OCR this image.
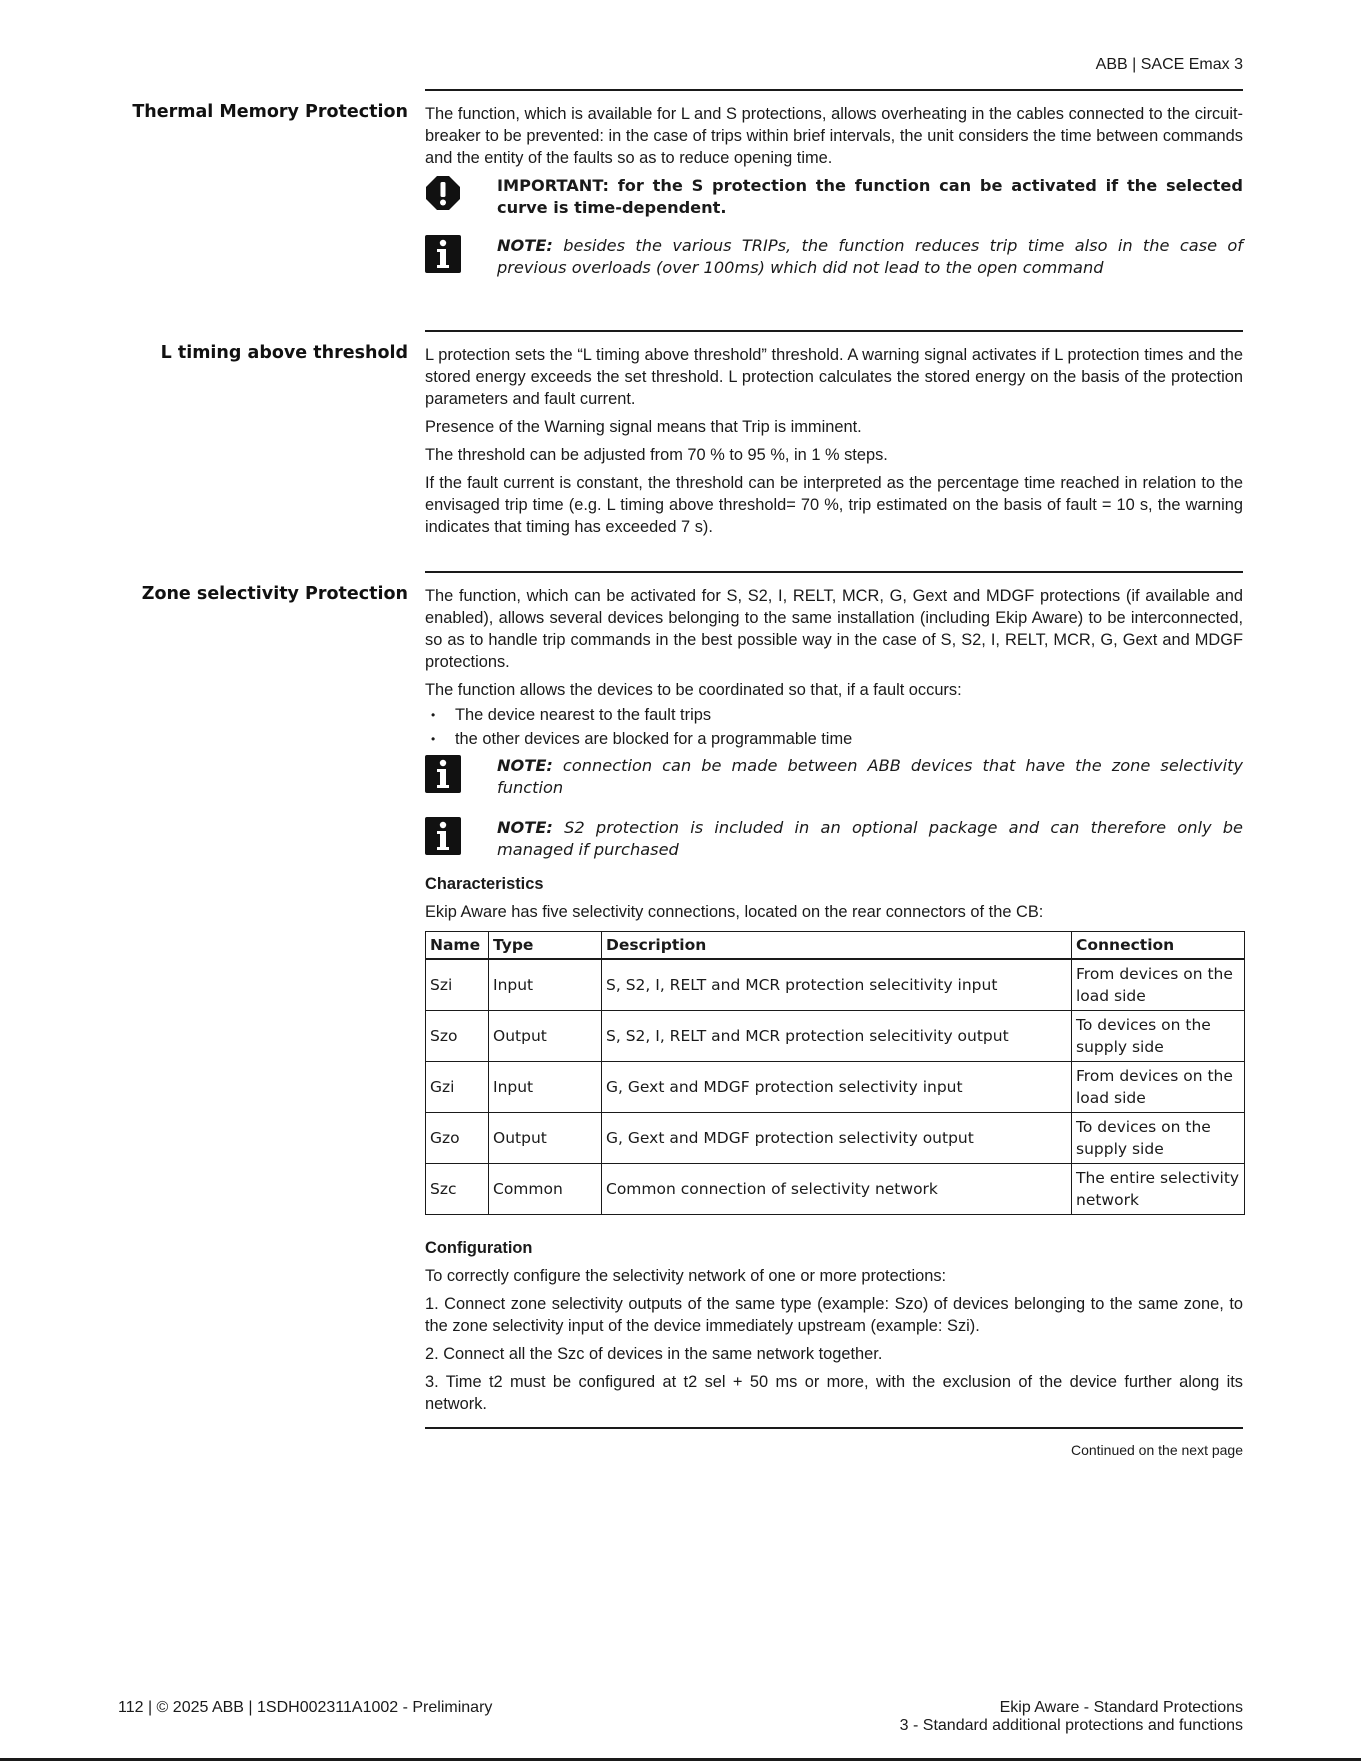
ABB | SACE Emax 3
Thermal Memory Protection The function, which is available for L and S protections, allows overheating in the cables connected to the circuit-breaker to be prevented: in the case of trips within brief intervals, the unit considers the time between commands and the entity of the faults so as to reduce opening time.

IMPORTANT: for the S protection the function can be activated if the selected curve is time-dependent.
NOTE: besides the various TRIPs, the function reduces trip time also in the case of previous overloads (over 100ms) which did not lead to the open command
L timing above threshold L protection sets the “L timing above threshold” threshold. A warning signal activates if L protection times and the stored energy exceeds the set threshold. L protection calculates the stored energy on the basis of the protection parameters and fault current.

Presence of the Warning signal means that Trip is imminent.

The threshold can be adjusted from 70 % to 95 %, in 1 % steps.

If the fault current is constant, the threshold can be interpreted as the percentage time reached in relation to the envisaged trip time (e.g. L timing above threshold= 70 %, trip estimated on the basis of fault = 10 s, the warning indicates that timing has exceeded 7 s).

Zone selectivity Protection The function, which can be activated for S, S2, I, RELT, MCR, G, Gext and MDGF protections (if available and enabled), allows several devices belonging to the same installation (including Ekip Aware) to be interconnected, so as to handle trip commands in the best possible way in the case of S, S2, I, RELT, MCR, G, Gext and MDGF protections.

The function allows the devices to be coordinated so that, if a fault occurs:

• The device nearest to the fault trips
• the other devices are blocked for a programmable time
NOTE: connection can be made between ABB devices that have the zone selectivity function
NOTE: S2 protection is included in an optional package and can therefore only be managed if purchased
Characteristics

Ekip Aware has five selectivity connections, located on the rear connectors of the CB:

Name	Type	Description	Connection
Szi	Input	S, S2, I, RELT and MCR protection selecitivity input	From devices on the load side
Szo	Output	S, S2, I, RELT and MCR protection selecitivity output	To devices on the supply side
Gzi	Input	G, Gext and MDGF protection selectivity input	From devices on the load side
Gzo	Output	G, Gext and MDGF protection selectivity output	To devices on the supply side
Szc	Common	Common connection of selectivity network	The entire selectivity network
Configuration

To correctly configure the selectivity network of one or more protections:

1. Connect zone selectivity outputs of the same type (example: Szo) of devices belonging to the same zone, to the zone selectivity input of the device immediately upstream (example: Szi).

2. Connect all the Szc of devices in the same network together.

3. Time t2 must be configured at t2 sel + 50 ms or more, with the exclusion of the device further along its network.

Continued on the next page
112 | © 2025 ABB | 1SDH002311A1002 - Preliminary	Ekip Aware - Standard Protections
3 - Standard additional protections and functions
